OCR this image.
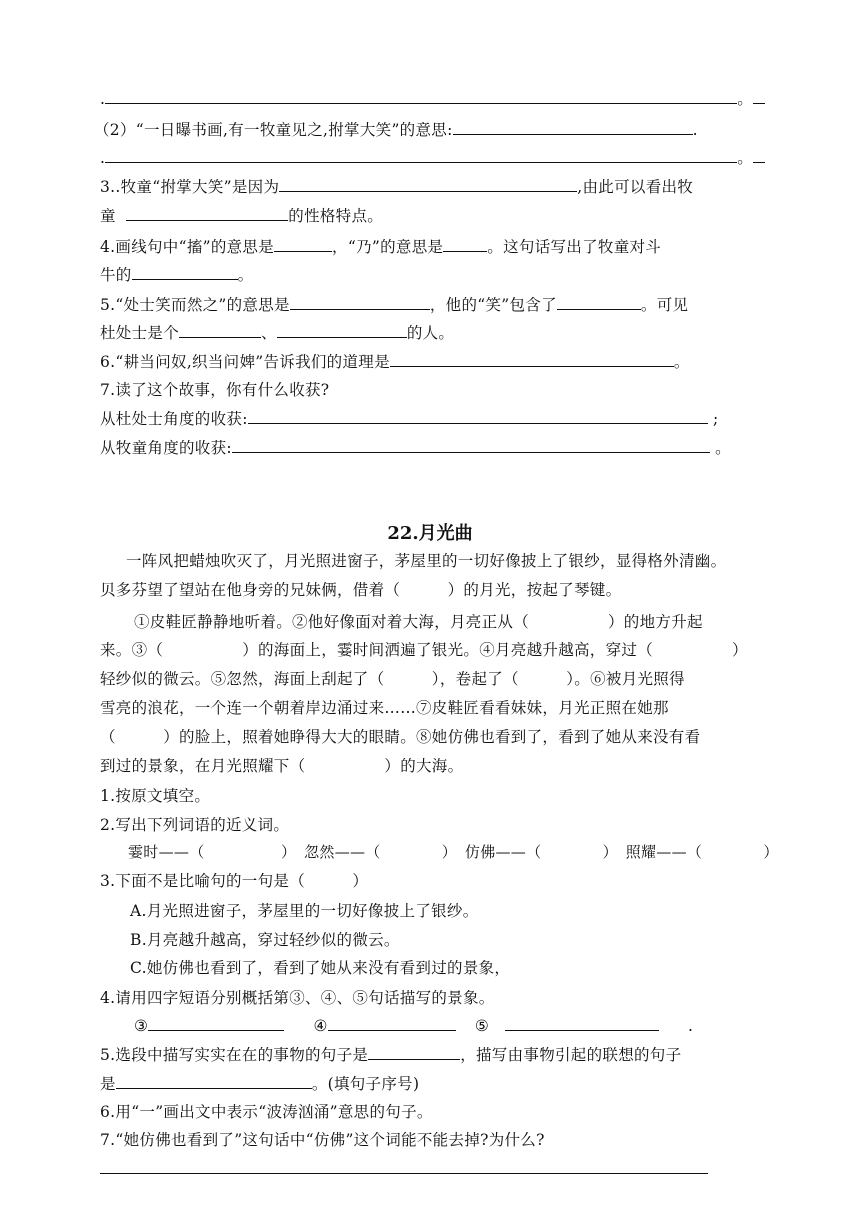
.	。
（2）“一日曝书画,有一牧童见之,拊掌大笑”的意思:	.
.	。
3..牧童“拊掌大笑”是因为	,由此可以看出牧
童	的性格特点。
4.画线句中“搐”的意思是	，“乃”的意思是	。这句话写出了牧童对斗
牛的	。
5.“处士笑而然之”的意思是	，他的“笑”包含了	。可见
杜处士是个	、	的人。
6.“耕当问奴,织当问婢”告诉我们的道理是	。
7.读了这个故事，你有什么收获?
从杜处士角度的收获:	;
从牧童角度的收获:	。
22.月光曲
一阵风把蜡烛吹灭了，月光照进窗子，茅屋里的一切好像披上了银纱，显得格外清幽。
贝多芬望了望站在他身旁的兄妹俩，借着（　　　）的月光，按起了琴键。
①皮鞋匠静静地听着。②他好像面对着大海，月亮正从（　　　　　）的地方升起
来。③（　　　　　）的海面上，霎时间洒遍了银光。④月亮越升越高，穿过（　　　　　）
轻纱似的微云。⑤忽然，海面上刮起了（　　　），卷起了（　　　）。⑥被月光照得
雪亮的浪花，一个连一个朝着岸边涌过来……⑦皮鞋匠看看妹妹，月光正照在她那
（　　　）的脸上，照着她睁得大大的眼睛。⑧她仿佛也看到了，看到了她从来没有看
到过的景象，在月光照耀下（　　　　　）的大海。
1.按原文填空。
2.写出下列词语的近义词。
霎时——（　　　　　）　忽然——（　　　　）　仿佛——（　　　　）　照耀——（　　　　）
3.下面不是比喻句的一句是（　　　）
A.月光照进窗子，茅屋里的一切好像披上了银纱。
B.月亮越升越高，穿过轻纱似的微云。
C.她仿佛也看到了，看到了她从来没有看到过的景象，
4.请用四字短语分别概括第③、④、⑤句话描写的景象。
③	④	⑤	.
5.选段中描写实实在在的事物的句子是	，描写由事物引起的联想的句子
是	。(填句子序号)
6.用“一”画出文中表示“波涛汹涌”意思的句子。
7.“她仿佛也看到了”这句话中“仿佛”这个词能不能去掉?为什么?
